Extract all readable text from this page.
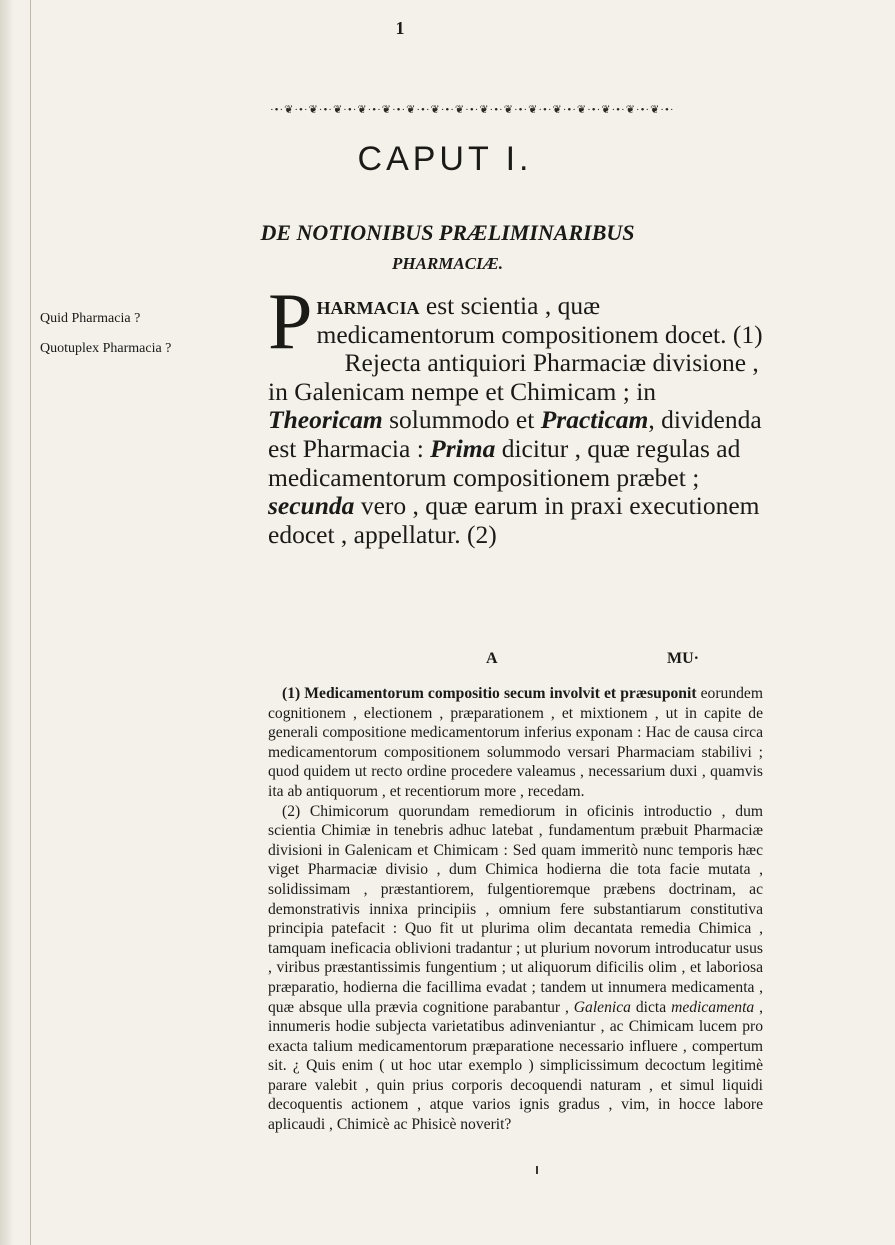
1
·•·❦·•·❦·•·❦·•·❦·•·❦·•·❦·•·❦·•·❦·•·❦·•·❦·•·❦·•·❦·•·❦·•·❦·•·❦·•·❦·•·
CAPUT I.
DE NOTIONIBUS PRÆLIMINARIBUS
PHARMACIÆ.
Quid Pharmacia ?
Quotuplex Pharmacia ?	P harmacia est scientia , quæ medicamentorum compositionem docet. (1)

Rejecta antiquiori Pharmaciæ divisione , in Galenicam nempe et Chimicam ; in Theoricam solummodo et Practicam, dividenda est Pharmacia : Prima dicitur , quæ regulas ad medicamentorum compositionem præbet ; secunda vero , quæ earum in praxi executionem edocet , appellatur. (2)

A	MU·

(1) Medicamentorum compositio secum involvit et præsuponit eorundem cognitionem , electionem , præparationem , et mixtionem , ut in capite de generali compositione medicamentorum inferius exponam : Hac de causa circa medicamentorum compositionem solummodo versari Pharmaciam stabilivi ; quod quidem ut recto ordine procedere valeamus , necessarium duxi , quamvis ita ab antiquorum , et recentiorum more , recedam.

(2) Chimicorum quorundam remediorum in oficinis introductio , dum scientia Chimiæ in tenebris adhuc latebat , fundamentum præbuit Pharmaciæ divisioni in Galenicam et Chimicam : Sed quam immeritò nunc temporis hæc viget Pharmaciæ divisio , dum Chimica hodierna die tota facie mutata , solidissimam , præstantiorem, fulgentioremque præbens doctrinam, ac demonstrativis innixa principiis , omnium fere substantiarum constitutiva principia patefacit : Quo fit ut plurima olim decantata remedia Chimica , tamquam ineficacia oblivioni tradantur ; ut plurium novorum introducatur usus , viribus præstantissimis fungentium ; ut aliquorum dificilis olim , et laboriosa præparatio, hodierna die facillima evadat ; tandem ut innumera medicamenta , quæ absque ulla prævia cognitione parabantur , Galenica dicta medicamenta , innumeris hodie subjecta varietatibus adinveniantur , ac Chimicam lucem pro exacta talium medicamentorum præparatione necessario influere , compertum sit. ¿ Quis enim ( ut hoc utar exemplo ) simplicissimum decoctum legitimè parare valebit , quin prius corporis decoquendi naturam , et simul liquidi decoquentis actionem , atque varios ignis gradus , vim, in hocce labore aplicaudi , Chimicè ac Phisicè noverit?
